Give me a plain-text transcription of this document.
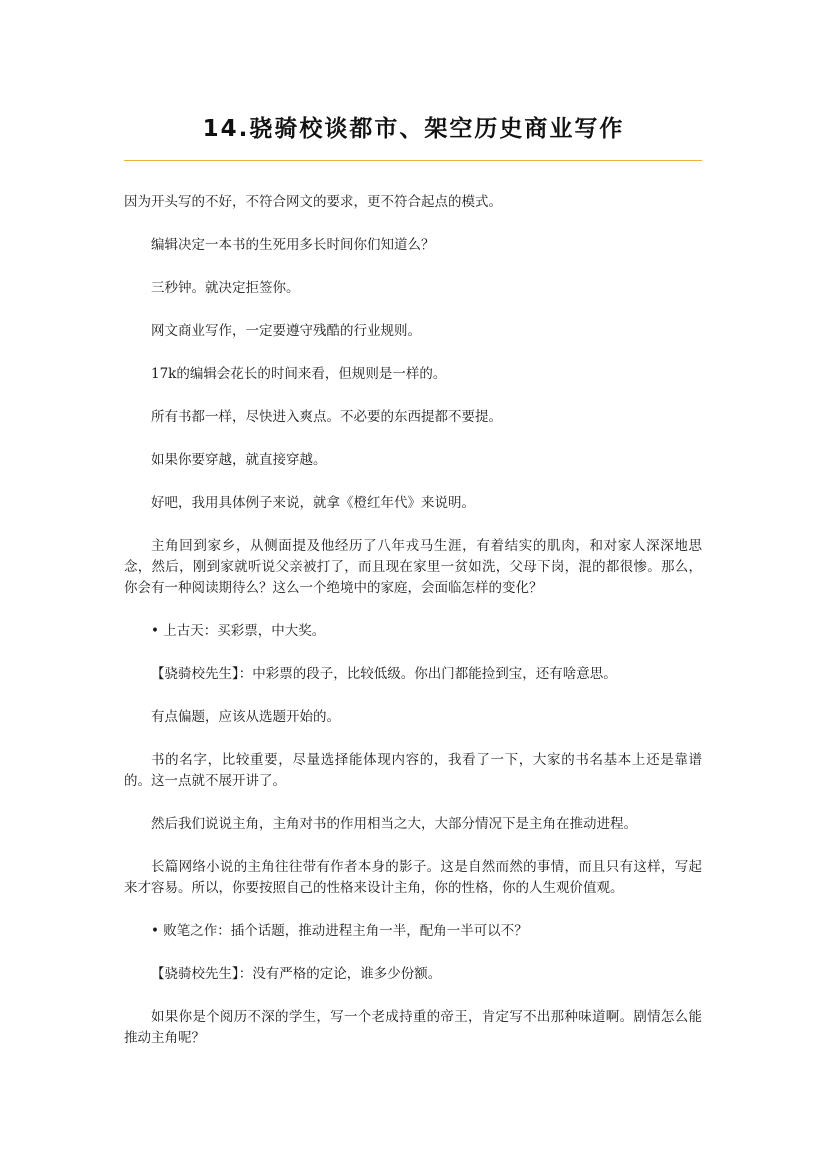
14.骁骑校谈都市、架空历史商业写作

因为开头写的不好，不符合网文的要求，更不符合起点的模式。

编辑决定一本书的生死用多长时间你们知道么？

三秒钟。就决定拒签你。

网文商业写作，一定要遵守残酷的行业规则。

17k的编辑会花长的时间来看，但规则是一样的。

所有书都一样，尽快进入爽点。不必要的东西提都不要提。

如果你要穿越，就直接穿越。

好吧，我用具体例子来说，就拿《橙红年代》来说明。

主角回到家乡，从侧面提及他经历了八年戎马生涯，有着结实的肌肉，和对家人深深地思念，然后，刚到家就听说父亲被打了，而且现在家里一贫如洗，父母下岗，混的都很惨。那么，你会有一种阅读期待么？这么一个绝境中的家庭，会面临怎样的变化？

• 上古天：买彩票，中大奖。

【骁骑校先生】：中彩票的段子，比较低级。你出门都能捡到宝，还有啥意思。

有点偏题，应该从选题开始的。

书的名字，比较重要，尽量选择能体现内容的，我看了一下，大家的书名基本上还是靠谱的。这一点就不展开讲了。

然后我们说说主角，主角对书的作用相当之大，大部分情况下是主角在推动进程。

长篇网络小说的主角往往带有作者本身的影子。这是自然而然的事情，而且只有这样，写起来才容易。所以，你要按照自己的性格来设计主角，你的性格，你的人生观价值观。

• 败笔之作：插个话题，推动进程主角一半，配角一半可以不？

【骁骑校先生】：没有严格的定论，谁多少份额。

如果你是个阅历不深的学生，写一个老成持重的帝王，肯定写不出那种味道啊。剧情怎么能推动主角呢？
